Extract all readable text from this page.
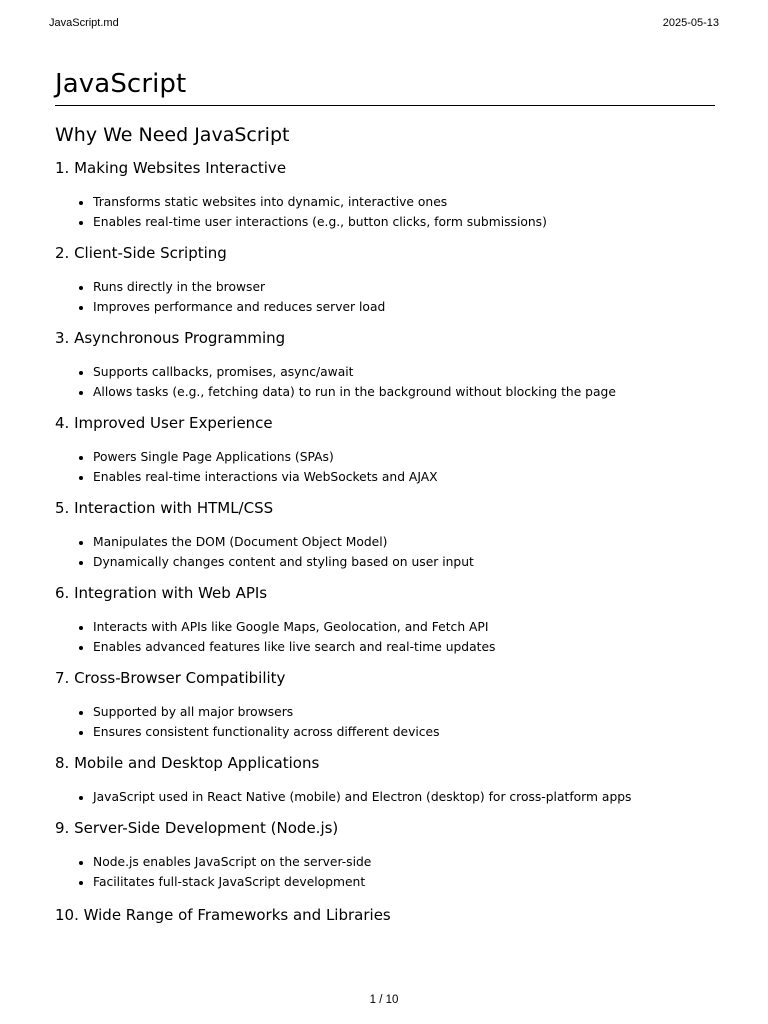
JavaScript.md	2025-05-13
JavaScript
Why We Need JavaScript
1. Making Websites Interactive
• Transforms static websites into dynamic, interactive ones
• Enables real-time user interactions (e.g., button clicks, form submissions)
2. Client-Side Scripting
• Runs directly in the browser
• Improves performance and reduces server load
3. Asynchronous Programming
• Supports callbacks, promises, async/await
• Allows tasks (e.g., fetching data) to run in the background without blocking the page
4. Improved User Experience
• Powers Single Page Applications (SPAs)
• Enables real-time interactions via WebSockets and AJAX
5. Interaction with HTML/CSS
• Manipulates the DOM (Document Object Model)
• Dynamically changes content and styling based on user input
6. Integration with Web APIs
• Interacts with APIs like Google Maps, Geolocation, and Fetch API
• Enables advanced features like live search and real-time updates
7. Cross-Browser Compatibility
• Supported by all major browsers
• Ensures consistent functionality across different devices
8. Mobile and Desktop Applications
• JavaScript used in React Native (mobile) and Electron (desktop) for cross-platform apps
9. Server-Side Development (Node.js)
• Node.js enables JavaScript on the server-side
• Facilitates full-stack JavaScript development
10. Wide Range of Frameworks and Libraries
1 / 10
